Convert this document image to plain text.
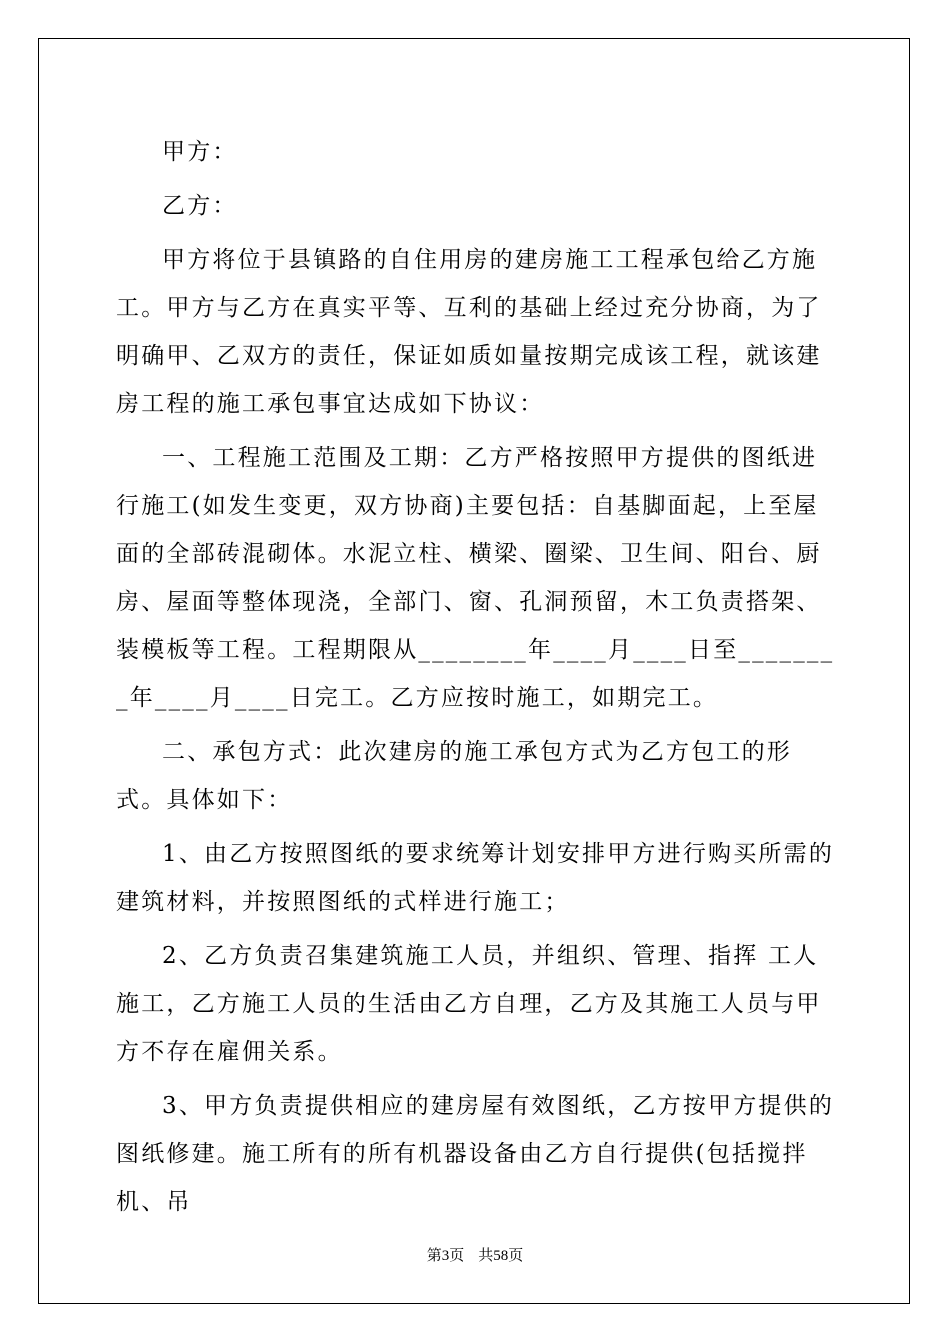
甲方：

乙方：

甲方将位于县镇路的自住用房的建房施工工程承包给乙方施工。甲方与乙方在真实平等、互利的基础上经过充分协商，为了明确甲、乙双方的责任，保证如质如量按期完成该工程，就该建房工程的施工承包事宜达成如下协议：

一、工程施工范围及工期：乙方严格按照甲方提供的图纸进行施工(如发生变更，双方协商)主要包括：自基脚面起，上至屋面的全部砖混砌体。水泥立柱、横梁、圈梁、卫生间、阳台、厨房、屋面等整体现浇，全部门、窗、孔洞预留，木工负责搭架、装模板等工程。工程期限从________年____月____日至________年____月____日完工。乙方应按时施工，如期完工。

二、承包方式：此次建房的施工承包方式为乙方包工的形式。具体如下：

1、由乙方按照图纸的要求统筹计划安排甲方进行购买所需的建筑材料，并按照图纸的式样进行施工；

2、乙方负责召集建筑施工人员，并组织、管理、指挥 工人施工，乙方施工人员的生活由乙方自理，乙方及其施工人员与甲方不存在雇佣关系。

3、甲方负责提供相应的建房屋有效图纸，乙方按甲方提供的图纸修建。施工所有的所有机器设备由乙方自行提供(包括搅拌机、吊

第3页 共58页
